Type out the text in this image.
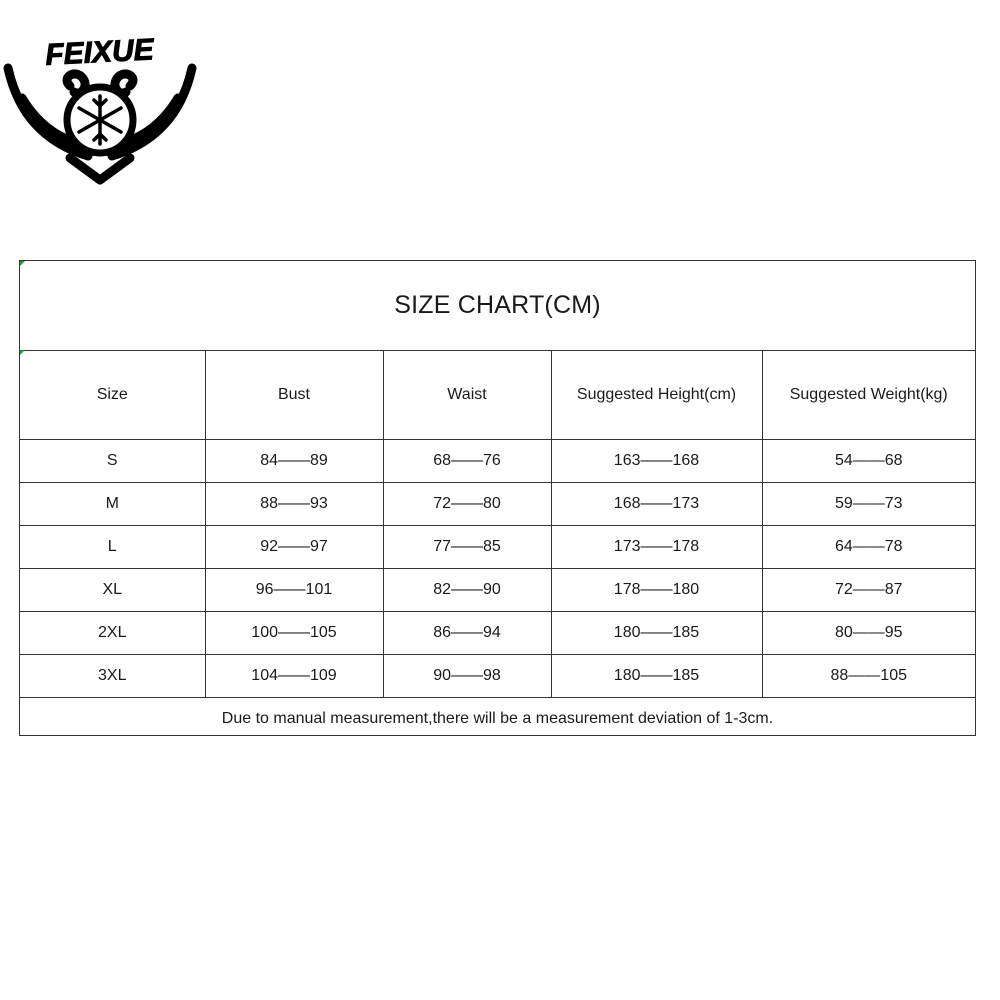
FEIXUE
SIZE CHART(CM)				
Size	Bust	Waist	Suggested Height(cm)	Suggested Weight(kg)
S	84——89	68——76	163——168	54——68
M	88——93	72——80	168——173	59——73
L	92——97	77——85	173——178	64——78
XL	96——101	82——90	178——180	72——87
2XL	100——105	86——94	180——185	80——95
3XL	104——109	90——98	180——185	88——105
Due to manual measurement,there will be a measurement deviation of 1-3cm.				
